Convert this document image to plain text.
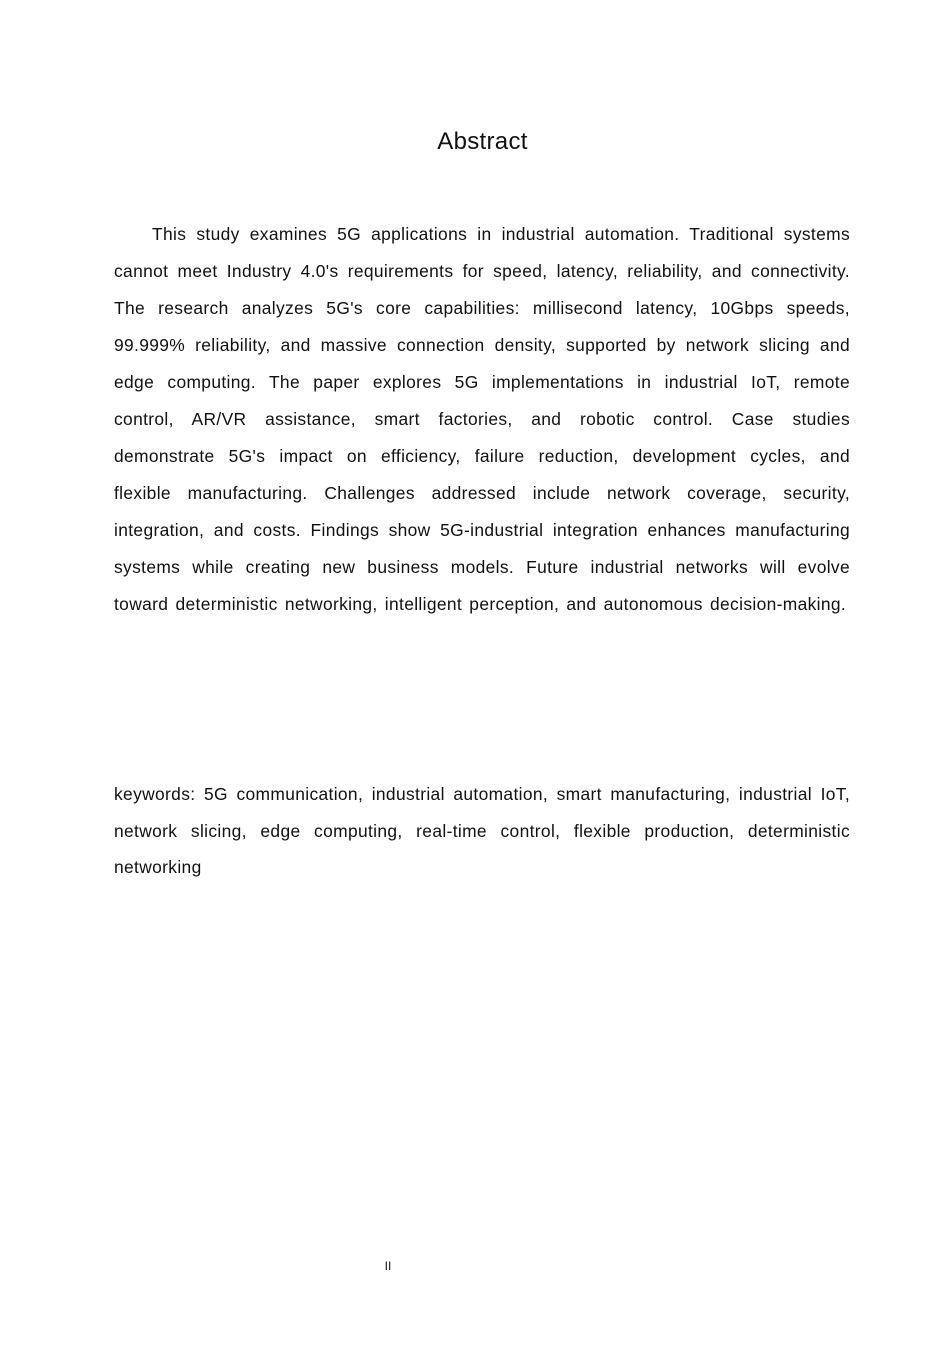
Abstract

This study examines 5G applications in industrial automation. Traditional systems cannot meet Industry 4.0's requirements for speed, latency, reliability, and connectivity. The research analyzes 5G's core capabilities: millisecond latency, 10Gbps speeds, 99.999% reliability, and massive connection density, supported by network slicing and edge computing. The paper explores 5G implementations in industrial IoT, remote control, AR/VR assistance, smart factories, and robotic control. Case studies demonstrate 5G's impact on efficiency, failure reduction, development cycles, and flexible manufacturing. Challenges addressed include network coverage, security, integration, and costs. Findings show 5G-industrial integration enhances manufacturing systems while creating new business models. Future industrial networks will evolve toward deterministic networking, intelligent perception, and autonomous decision-making.

keywords: 5G communication, industrial automation, smart manufacturing, industrial IoT, network slicing, edge computing, real-time control, flexible production, deterministic networking

II
